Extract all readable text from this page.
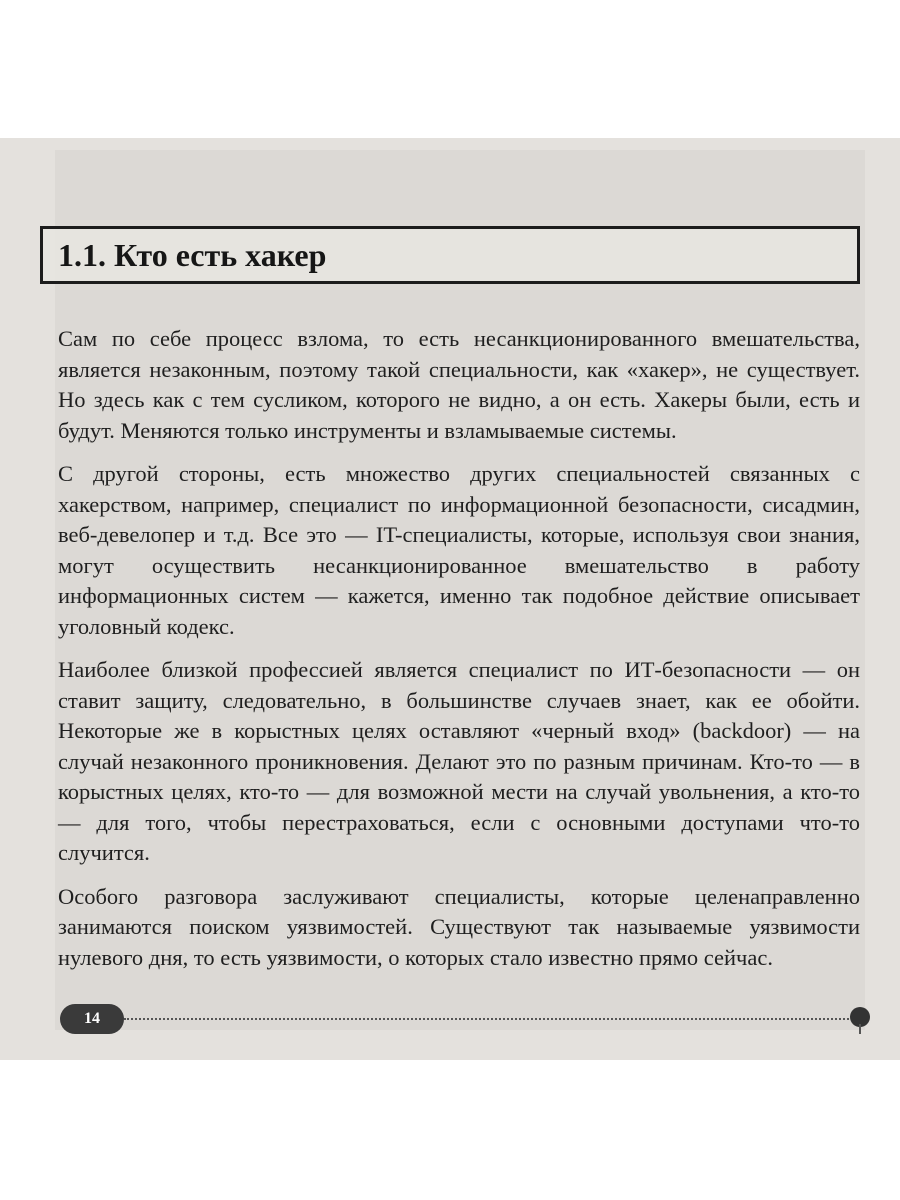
1.1. Кто есть хакер

Сам по себе процесс взлома, то есть несанкционированного вмешательства, является незаконным, поэтому такой специальности, как «хакер», не существует. Но здесь как с тем сусликом, которого не видно, а он есть. Хакеры были, есть и будут. Меняются только инструменты и взламываемые системы.

С другой стороны, есть множество других специальностей связанных с хакерством, например, специалист по информационной безопасности, сисадмин, веб-девелопер и т.д. Все это — IT-специалисты, которые, используя свои знания, могут осуществить несанкционированное вмешательство в работу информационных систем — кажется, именно так подобное действие описывает уголовный кодекс.

Наиболее близкой профессией является специалист по ИТ-безопасности — он ставит защиту, следовательно, в большинстве случаев знает, как ее обойти. Некоторые же в корыстных целях оставляют «черный вход» (backdoor) — на случай незаконного проникновения. Делают это по разным причинам. Кто-то — в корыстных целях, кто-то — для возможной мести на случай увольнения, а кто-то — для того, чтобы перестраховаться, если с основными доступами что-то случится.

Особого разговора заслуживают специалисты, которые целенаправленно занимаются поиском уязвимостей. Существуют так называемые уязвимости нулевого дня, то есть уязвимости, о которых стало известно прямо сейчас.

14
